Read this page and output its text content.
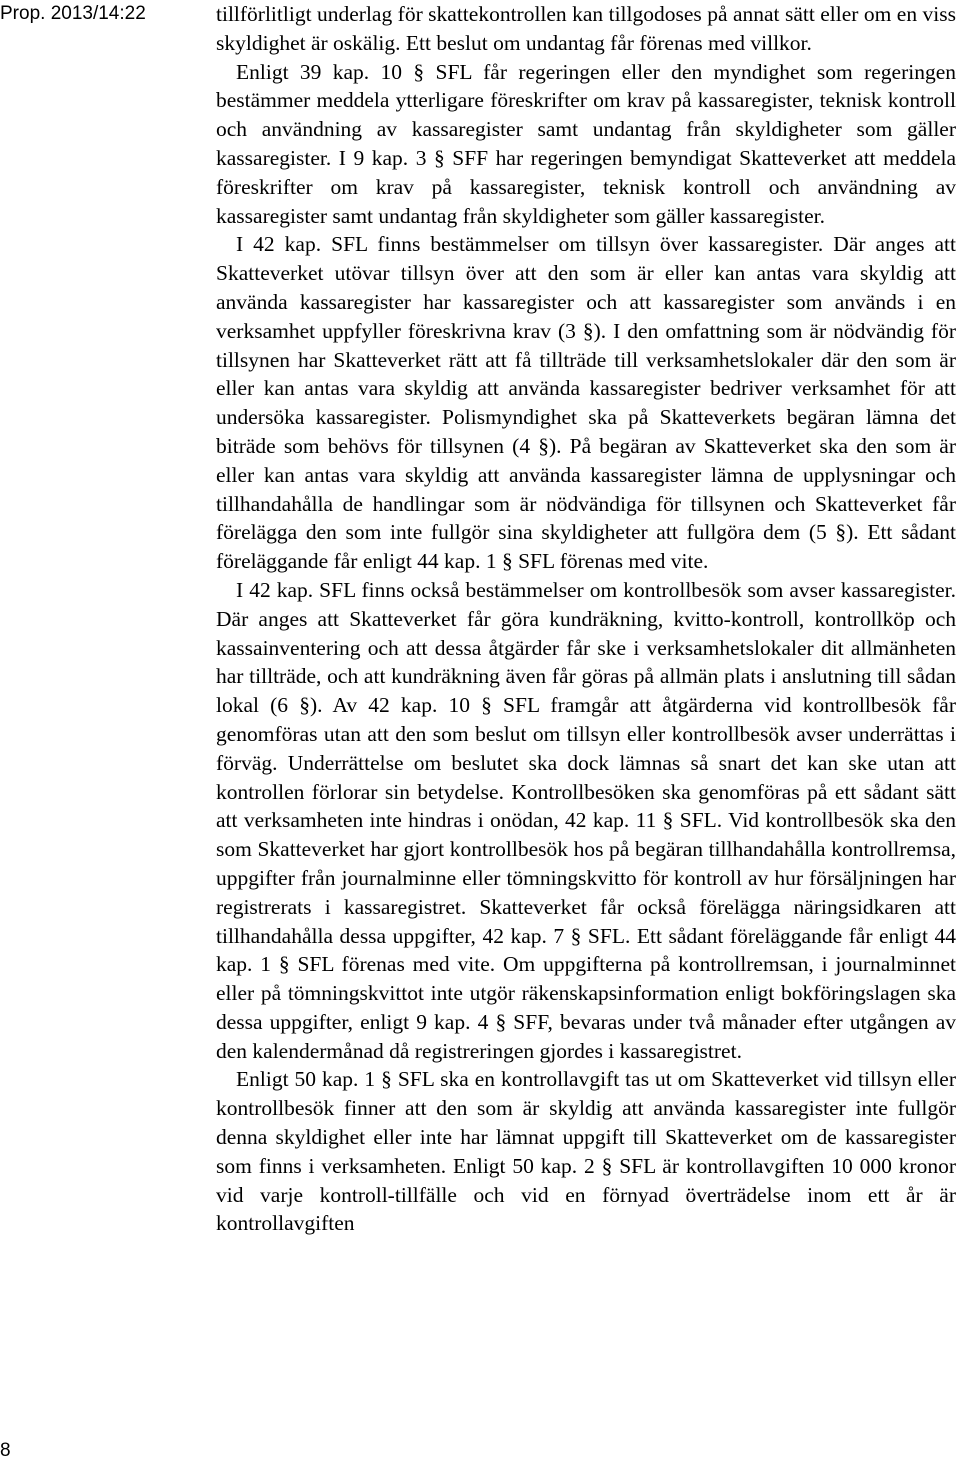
Prop. 2013/14:22	tillförlitligt underlag för skattekontrollen kan tillgodoses på annat sätt eller om en viss skyldighet är oskälig. Ett beslut om undantag får förenas med villkor.

Enligt 39 kap. 10 § SFL får regeringen eller den myndighet som regeringen bestämmer meddela ytterligare föreskrifter om krav på kassaregister, teknisk kontroll och användning av kassaregister samt undantag från skyldigheter som gäller kassaregister. I 9 kap. 3 § SFF har regeringen bemyndigat Skatteverket att meddela föreskrifter om krav på kassaregister, teknisk kontroll och användning av kassaregister samt undantag från skyldigheter som gäller kassaregister.

I 42 kap. SFL finns bestämmelser om tillsyn över kassaregister. Där anges att Skatteverket utövar tillsyn över att den som är eller kan antas vara skyldig att använda kassaregister har kassaregister och att kassaregister som används i en verksamhet uppfyller föreskrivna krav (3 §). I den omfattning som är nödvändig för tillsynen har Skatteverket rätt att få tillträde till verksamhetslokaler där den som är eller kan antas vara skyldig att använda kassaregister bedriver verksamhet för att undersöka kassaregister. Polismyndighet ska på Skatteverkets begäran lämna det biträde som behövs för tillsynen (4 §). På begäran av Skatteverket ska den som är eller kan antas vara skyldig att använda kassaregister lämna de upplysningar och tillhandahålla de handlingar som är nödvändiga för tillsynen och Skatteverket får förelägga den som inte fullgör sina skyldigheter att fullgöra dem (5 §). Ett sådant föreläggande får enligt 44 kap. 1 § SFL förenas med vite.

I 42 kap. SFL finns också bestämmelser om kontrollbesök som avser kassaregister. Där anges att Skatteverket får göra kundräkning, kvitto-kontroll, kontrollköp och kassainventering och att dessa åtgärder får ske i verksamhetslokaler dit allmänheten har tillträde, och att kundräkning även får göras på allmän plats i anslutning till sådan lokal (6 §). Av 42 kap. 10 § SFL framgår att åtgärderna vid kontrollbesök får genomföras utan att den som beslut om tillsyn eller kontrollbesök avser underrättas i förväg. Underrättelse om beslutet ska dock lämnas så snart det kan ske utan att kontrollen förlorar sin betydelse. Kontrollbesöken ska genomföras på ett sådant sätt att verksamheten inte hindras i onödan, 42 kap. 11 § SFL. Vid kontrollbesök ska den som Skatteverket har gjort kontrollbesök hos på begäran tillhandahålla kontrollremsa, uppgifter från journalminne eller tömningskvitto för kontroll av hur försäljningen har registrerats i kassaregistret. Skatteverket får också förelägga näringsidkaren att tillhandahålla dessa uppgifter, 42 kap. 7 § SFL. Ett sådant föreläggande får enligt 44 kap. 1 § SFL förenas med vite. Om uppgifterna på kontrollremsan, i journalminnet eller på tömningskvittot inte utgör räkenskapsinformation enligt bokföringslagen ska dessa uppgifter, enligt 9 kap. 4 § SFF, bevaras under två månader efter utgången av den kalendermånad då registreringen gjordes i kassaregistret.

Enligt 50 kap. 1 § SFL ska en kontrollavgift tas ut om Skatteverket vid tillsyn eller kontrollbesök finner att den som är skyldig att använda kassaregister inte fullgör denna skyldighet eller inte har lämnat uppgift till Skatteverket om de kassaregister som finns i verksamheten. Enligt 50 kap. 2 § SFL är kontrollavgiften 10 000 kronor vid varje kontroll-tillfälle och vid en förnyad överträdelse inom ett år är kontrollavgiften

8
